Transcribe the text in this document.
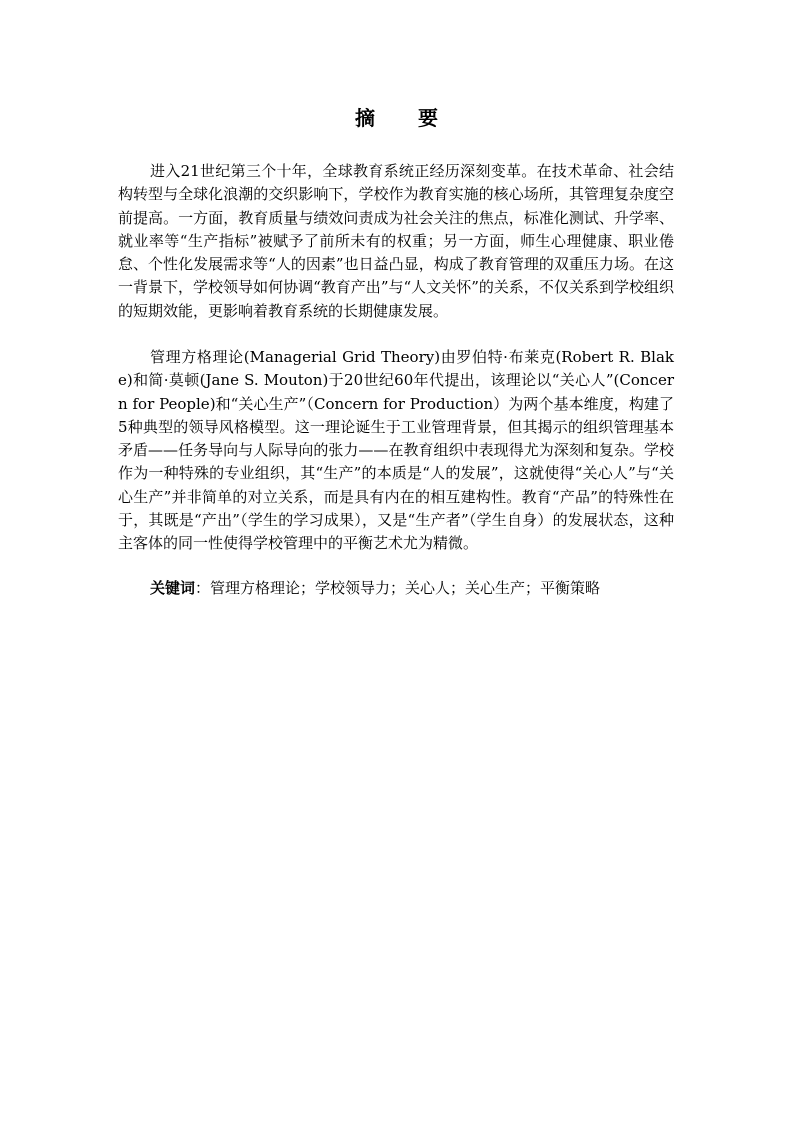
摘 要

进入21世纪第三个十年，全球教育系统正经历深刻变革。在技术革命、社会结构转型与全球化浪潮的交织影响下，学校作为教育实施的核心场所，其管理复杂度空前提高。一方面，教育质量与绩效问责成为社会关注的焦点，标准化测试、升学率、就业率等“生产指标”被赋予了前所未有的权重；另一方面，师生心理健康、职业倦怠、个性化发展需求等“人的因素”也日益凸显，构成了教育管理的双重压力场。在这一背景下，学校领导如何协调“教育产出”与“人文关怀”的关系，不仅关系到学校组织的短期效能，更影响着教育系统的长期健康发展。

管理方格理论(Managerial Grid Theory)由罗伯特·布莱克(Robert R. Blake)和简·莫顿(Jane S. Mouton)于20世纪60年代提出，该理论以“关心人”(Concern for People)和“关心生产”（Concern for Production）为两个基本维度，构建了5种典型的领导风格模型。这一理论诞生于工业管理背景，但其揭示的组织管理基本矛盾——任务导向与人际导向的张力——在教育组织中表现得尤为深刻和复杂。学校作为一种特殊的专业组织，其“生产”的本质是“人的发展”，这就使得“关心人”与“关心生产”并非简单的对立关系，而是具有内在的相互建构性。教育“产品”的特殊性在于，其既是“产出”（学生的学习成果），又是“生产者”（学生自身）的发展状态，这种主客体的同一性使得学校管理中的平衡艺术尤为精微。

关键词：管理方格理论；学校领导力；关心人；关心生产；平衡策略
